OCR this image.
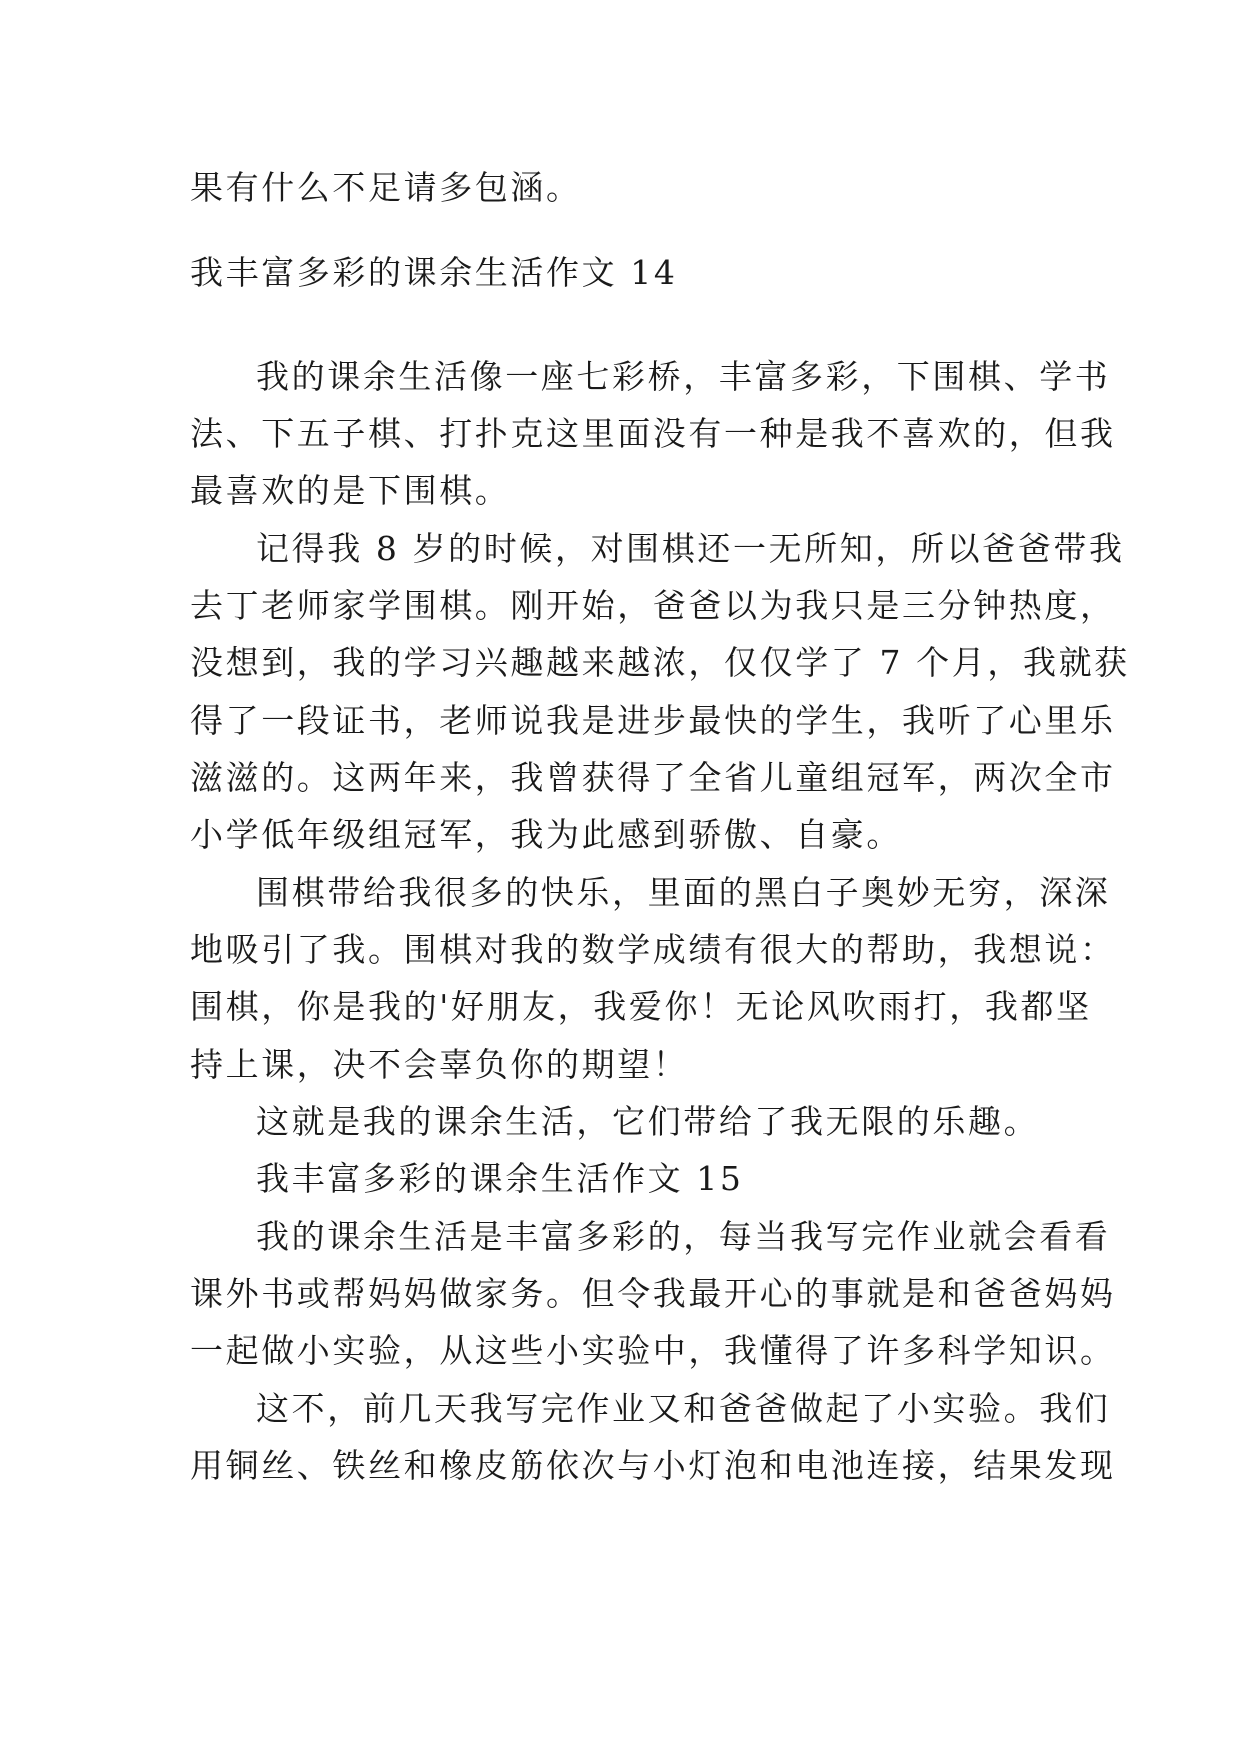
果有什么不足请多包涵。
我丰富多彩的课余生活作文 14
我的课余生活像一座七彩桥，丰富多彩，下围棋、学书
法、下五子棋、打扑克这里面没有一种是我不喜欢的，但我
最喜欢的是下围棋。
记得我 8 岁的时候，对围棋还一无所知，所以爸爸带我
去丁老师家学围棋。刚开始，爸爸以为我只是三分钟热度，
没想到，我的学习兴趣越来越浓，仅仅学了 7 个月，我就获
得了一段证书，老师说我是进步最快的学生，我听了心里乐
滋滋的。这两年来，我曾获得了全省儿童组冠军，两次全市
小学低年级组冠军，我为此感到骄傲、自豪。
围棋带给我很多的快乐，里面的黑白子奥妙无穷，深深
地吸引了我。围棋对我的数学成绩有很大的帮助，我想说：
围棋，你是我的'好朋友，我爱你！无论风吹雨打，我都坚
持上课，决不会辜负你的期望！
这就是我的课余生活，它们带给了我无限的乐趣。
我丰富多彩的课余生活作文 15
我的课余生活是丰富多彩的，每当我写完作业就会看看
课外书或帮妈妈做家务。但令我最开心的事就是和爸爸妈妈
一起做小实验，从这些小实验中，我懂得了许多科学知识。
这不，前几天我写完作业又和爸爸做起了小实验。我们
用铜丝、铁丝和橡皮筋依次与小灯泡和电池连接，结果发现
